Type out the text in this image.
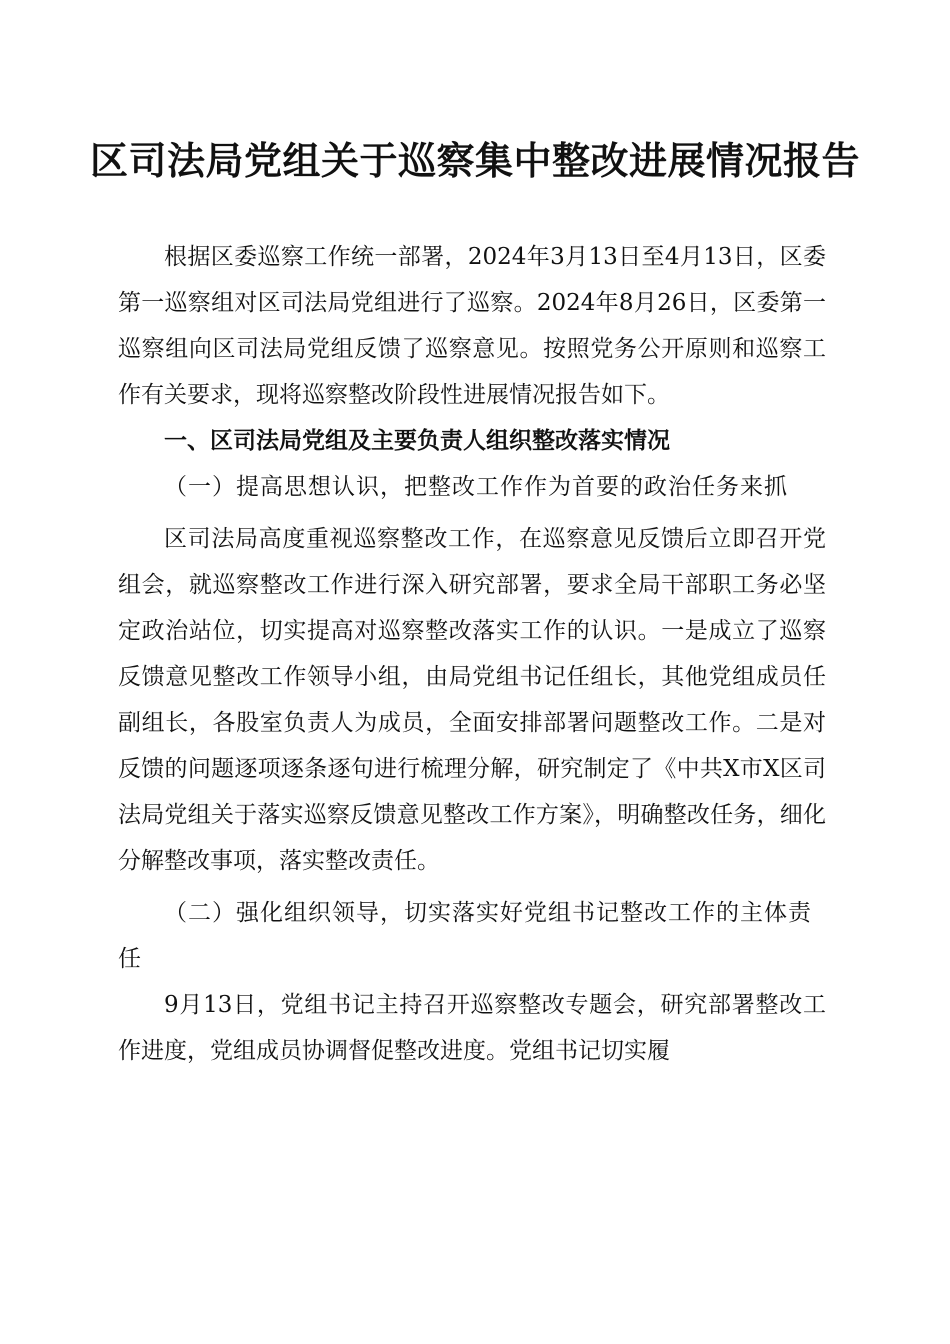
区司法局党组关于巡察集中整改进展情况报告

根据区委巡察工作统一部署，2024年3月13日至4月13日，区委第一巡察组对区司法局党组进行了巡察。2024年8月26日，区委第一巡察组向区司法局党组反馈了巡察意见。按照党务公开原则和巡察工作有关要求，现将巡察整改阶段性进展情况报告如下。

一、区司法局党组及主要负责人组织整改落实情况

（一）提高思想认识，把整改工作作为首要的政治任务来抓

区司法局高度重视巡察整改工作，在巡察意见反馈后立即召开党组会，就巡察整改工作进行深入研究部署，要求全局干部职工务必坚定政治站位，切实提高对巡察整改落实工作的认识。一是成立了巡察反馈意见整改工作领导小组，由局党组书记任组长，其他党组成员任副组长，各股室负责人为成员，全面安排部署问题整改工作。二是对反馈的问题逐项逐条逐句进行梳理分解，研究制定了《中共X市X区司法局党组关于落实巡察反馈意见整改工作方案》，明确整改任务，细化分解整改事项，落实整改责任。

（二）强化组织领导，切实落实好党组书记整改工作的主体责任

9月13日，党组书记主持召开巡察整改专题会，研究部署整改工作进度，党组成员协调督促整改进度。党组书记切实履
